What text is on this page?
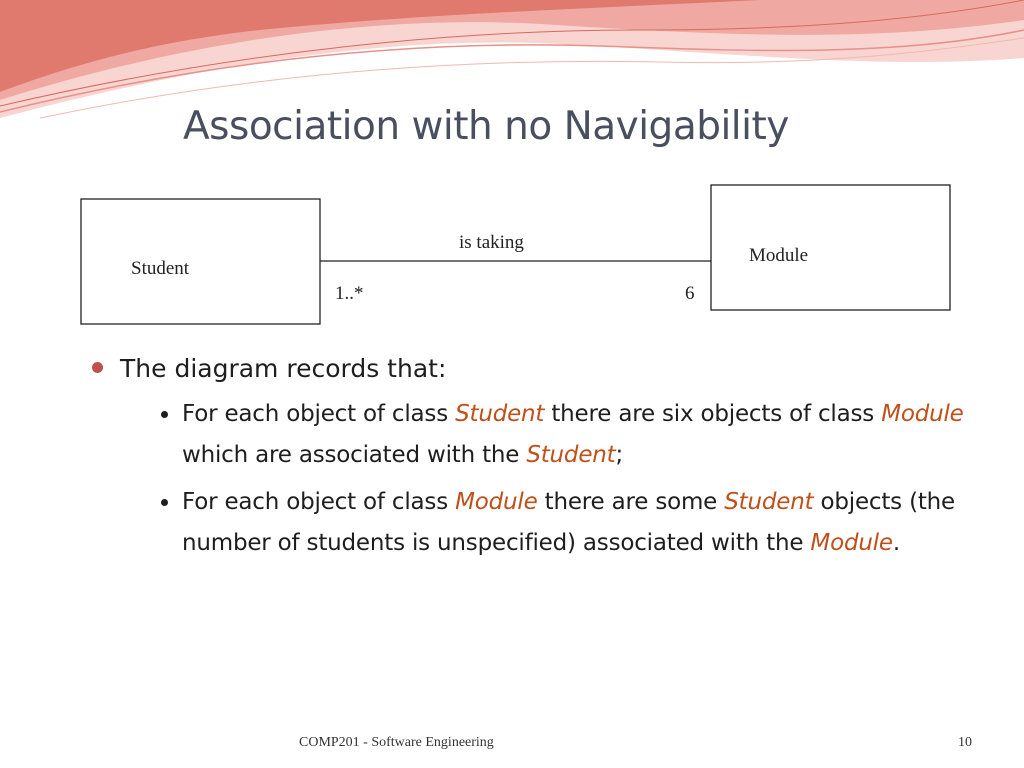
Association with no Navigability
Student
Module
is taking
1..*	6
The diagram records that:
For each object of class Student there are six objects of class Module which are associated with the Student;
For each object of class Module there are some Student objects (the number of students is unspecified) associated with the Module.
COMP201 - Software Engineering	10
